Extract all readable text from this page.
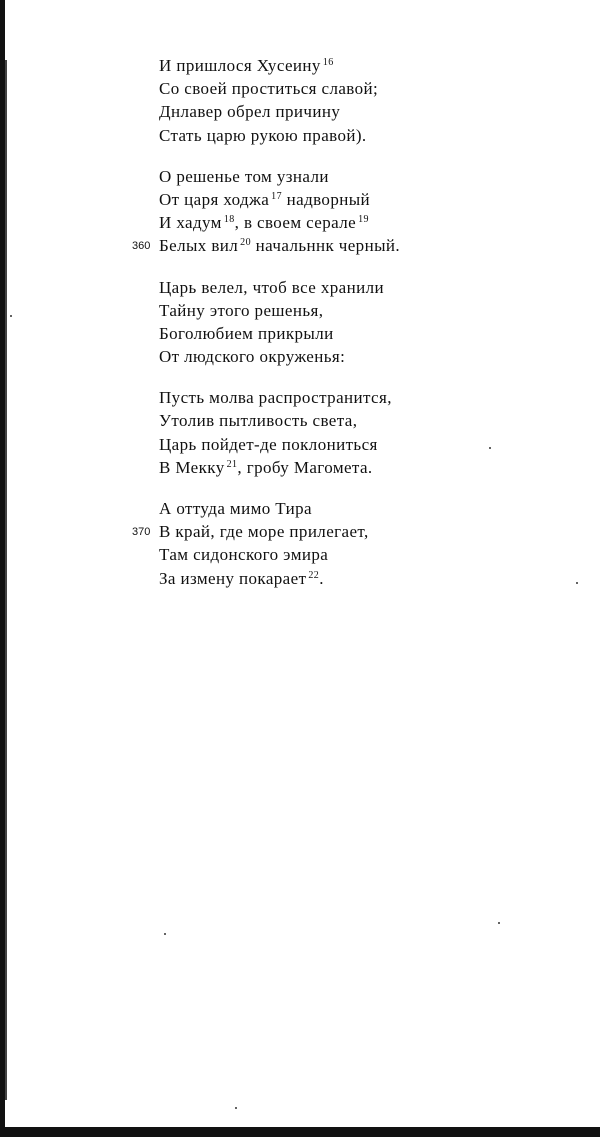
И пришлося Хусеину $^{16}$
Со своей проститься славой;
Днлавер обрел причину
Стать царю рукою правой).
О решенье том узнали
От царя ходжа $^{17}$ надворный
И хадум $^{18}$, в своем серале $^{19}$
360 Белых вил $^{20}$ начальннк черный.
Царь велел, чтоб все хранили
Тайну этого решенья,
Боголюбием прикрыли
От людского окруженья:
Пусть молва распространится,
Утолив пытливость света,
Царь пойдет-де поклониться
В Мекку $^{21}$, гробу Магомета.
А оттуда мимо Тира
370 В край, где море прилегает,
Там сидонского эмира
За измену покарает $^{22}$.
